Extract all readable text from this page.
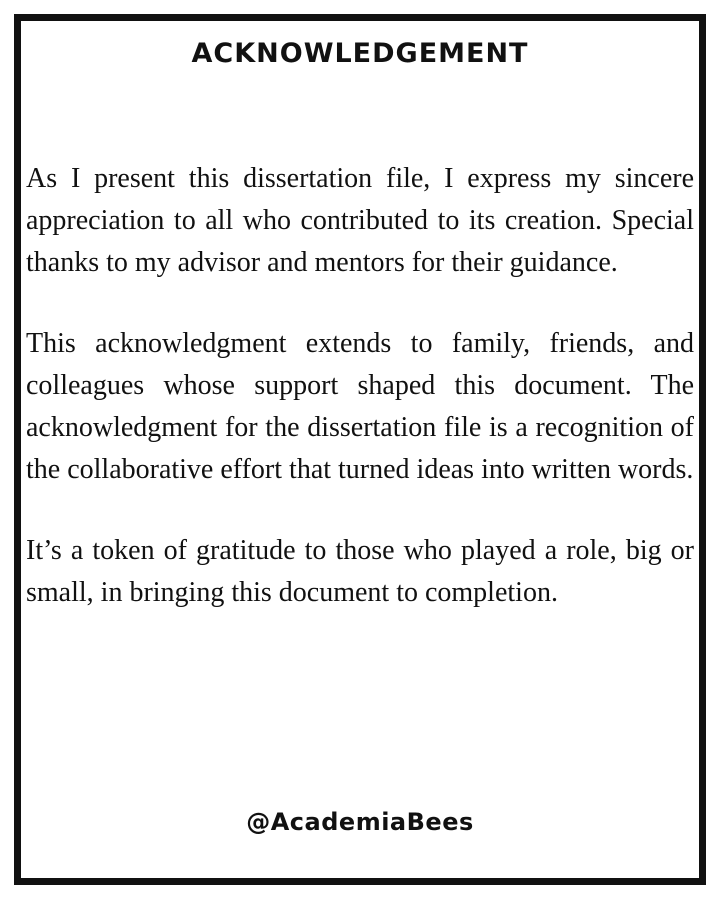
ACKNOWLEDGEMENT

As I present this dissertation file, I express my sincere appreciation to all who contributed to its creation. Special thanks to my advisor and mentors for their guidance.

This acknowledgment extends to family, friends, and colleagues whose support shaped this document. The acknowledgment for the dissertation file is a recognition of the collaborative effort that turned ideas into written words.

It’s a token of gratitude to those who played a role, big or small, in bringing this document to completion.

@AcademiaBees
